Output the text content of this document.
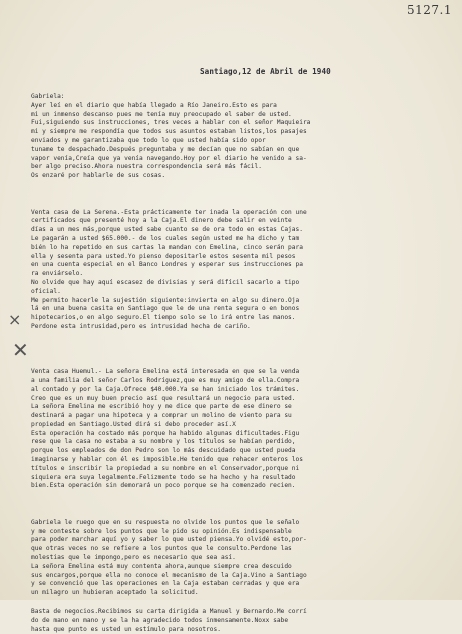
5127.1
Santiago,12 de Abril de 1940
Gabriela:
Ayer leí en el diario que había llegado a Río Janeiro.Esto es para
mi un inmenso descanso pues me tenía muy preocupado el saber de usted.
Fui,siguiendo sus instrucciones, tres veces a hablar con el señor Maquieira
mi y siempre me respondía que todos sus asuntos estaban listos,los pasajes
enviados y me garantizaba que todo lo que usted había sido opor
tuname te despachado.Después preguntaba y me decían que no sabían en que
vapor venía,Creía que ya venía navegando.Hoy por el diario he venido a sa-
ber algo preciso.Ahora nuestra correspondencia será más fácil.
Os enzaré por hablarle de sus cosas.
Venta casa de La Serena.-Esta prácticamente ter inada la operación con une
certificados que presenté hoy a la Caja.El dinero debe salir en veinte
días a un mes más,porque usted sabe cuanto se de ora todo en estas Cajas.
Le pagarán a usted $65.000.- de los cuales según usted me ha dicho y tam
bién lo ha repetido en sus cartas la mandan con Emelina, cinco serán para
ella y sesenta para usted.Yo pienso depositarle estos sesenta mil pesos
en una cuenta especial en el Banco Londres y esperar sus instrucciones pa
ra enviárselo.
No olvide que hay aquí escasez de divisias y será difícil sacarlo a tipo
oficial.
Me permito hacerle la sujestión siguiente:invierta en algo su dinero.Oja
lá en una buena casita en Santiago que le de una renta segura o en bonos
hipotecarios,o en algo seguro.El tiempo solo se lo irá entre las manos.
Perdone esta intrusidad,pero es intrusidad hecha de cariño.
Venta casa Huemul.- La señora Emelina está interesada en que se la venda
a una familia del señor Carlos Rodríguez,que es muy amigo de ella.Compra
al contado y por la Caja.Ofrece $40.000.Ya se han iniciado los trámites.
Creo que es un muy buen precio así que resultará un negocio para usted.
La señora Emelina me escribió hoy y me dice que parte de ese dinero se
destinará a pagar una hipoteca y a comprar un molino de viento para su
propiedad en Santiago.Usted dirá si debo proceder así.X
Esta operación ha costado más porque ha habido algunas dificultades.Figu
rese que la casa no estaba a su nombre y los títulos se habían perdido,
porque los empleados de don Pedro son lo más descuidado que usted pueda
imaginarse y hablar con él es imposible.He tenido que rehacer enteros los
títulos e inscribir la propiedad a su nombre en el Conservador,porque ni
siquiera era suya legalmente.Felizmente todo se ha hecho y ha resultado
bien.Esta operación sin demorará un poco porque se ha comenzado recien.
Gabriela le ruego que en su respuesta no olvide los puntos que le señalo
y me conteste sobre los puntos que le pido su opinión.Es indispensable
para poder marchar aquí yo y saber lo que usted piensa.Yo olvidé esto,por-
que otras veces no se refiere a los puntos que le consulto.Perdone las
molestias que le impongo,pero es necesario que sea así.
La señora Emelina está muy contenta ahora,aunque siempre crea descuido
sus encargos,porque ella no conoce el mecanismo de la Caja.Vino a Santiago
y se convenció que las operaciones en la Caja estaban cerradas y que era
un milagro un hubieran aceptado la solicitud.
Basta de negocios.Recibimos su carta dirigida a Manuel y Bernardo.Me corrí
do de mano en mano y se la ha agradecido todos inmensamente.Noxx sabe
hasta que punto es usted un estímulo para nosotros.
×
✕
